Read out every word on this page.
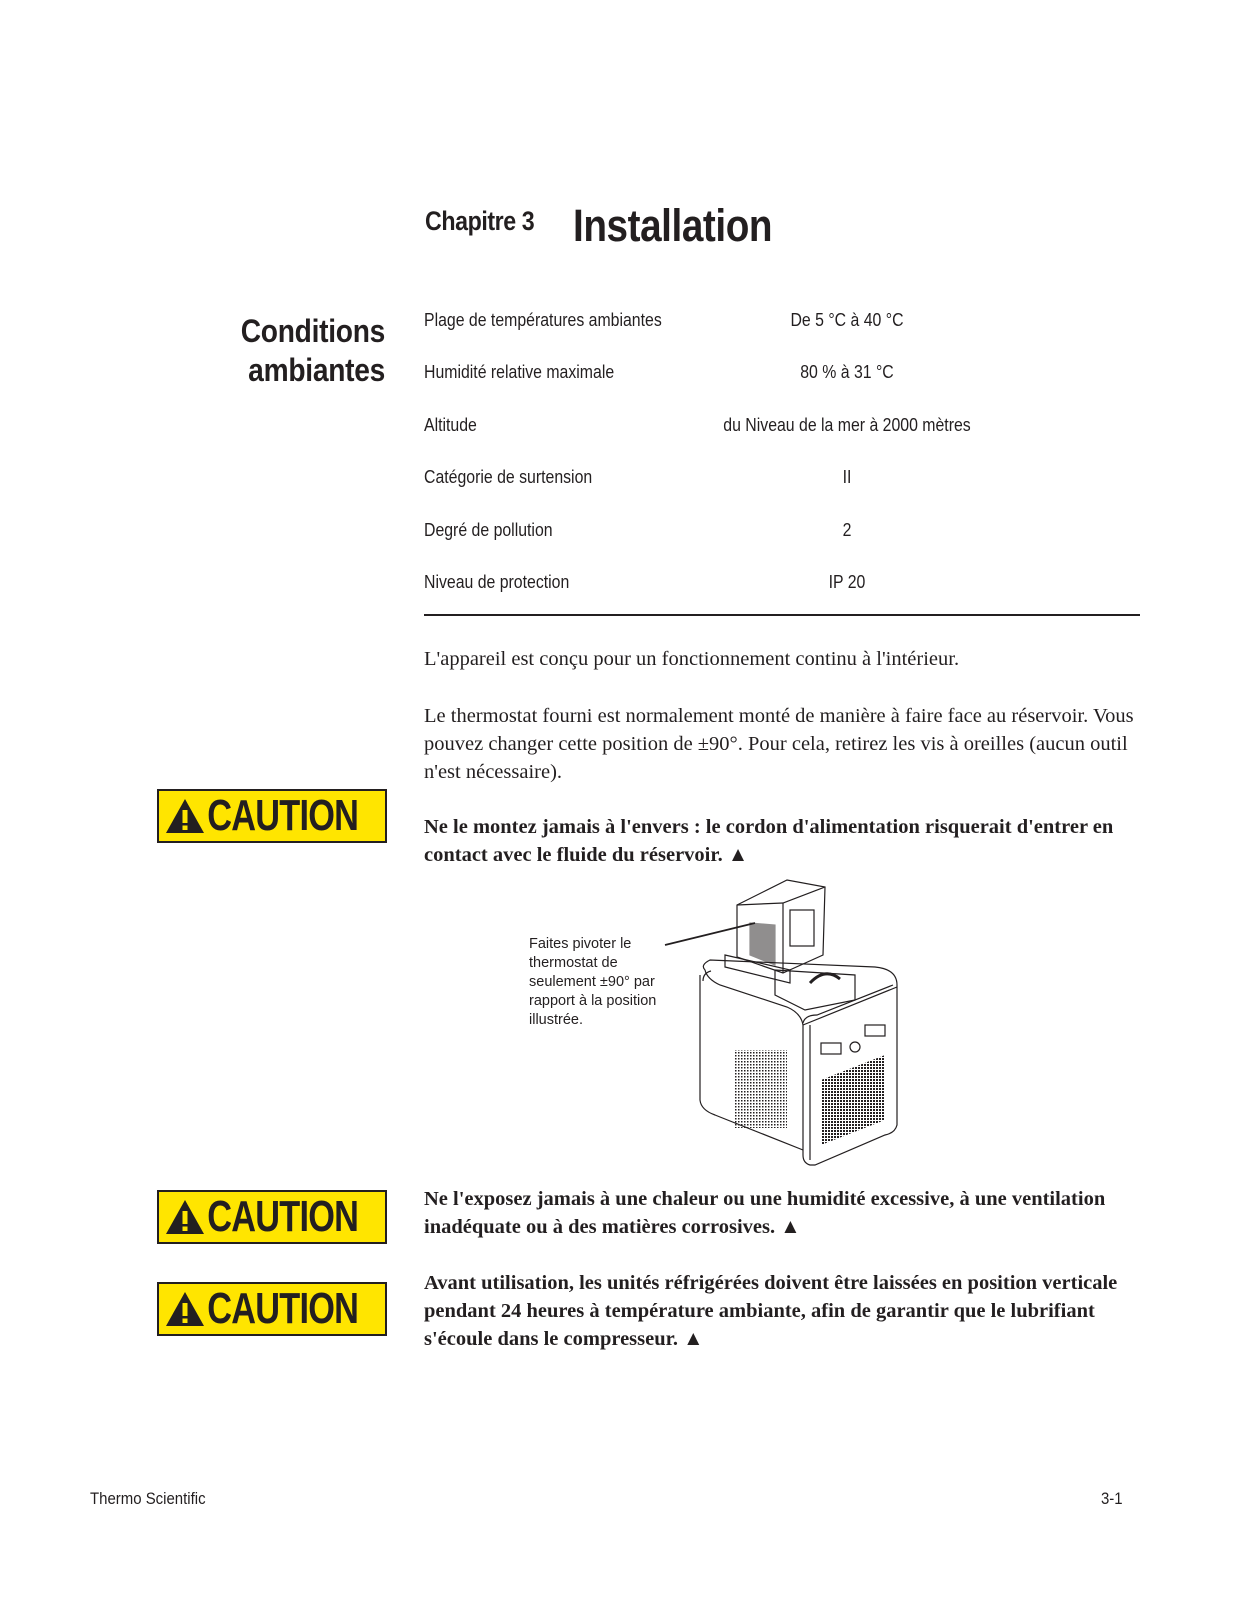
Chapitre 3 Installation
Conditions
ambiantes
Plage de températures ambiantes	De 5 °C à 40 °C
Humidité relative maximale	80 % à 31 °C
Altitude	du Niveau de la mer à 2000 mètres
Catégorie de surtension	II
Degré de pollution	2
Niveau de protection	IP 20

L'appareil est conçu pour un fonctionnement continu à l'intérieur.

Le thermostat fourni est normalement monté de manière à faire face au réservoir. Vous pouvez changer cette position de ±90°. Pour cela, retirez les vis à oreilles (aucun outil n'est nécessaire).

CAUTION	Ne le montez jamais à l'envers : le cordon d'alimentation risquerait d'entrer en contact avec le fluide du réservoir. ▲

Faites pivoter le thermostat de seulement ±90° par rapport à la position illustrée.
CAUTION	Ne l'exposez jamais à une chaleur ou une humidité excessive, à une ventilation inadéquate ou à des matières corrosives. ▲

CAUTION

Avant utilisation, les unités réfrigérées doivent être laissées en position verticale pendant 24 heures à température ambiante, afin de garantir que le lubrifiant s'écoule dans le compresseur. ▲

Thermo Scientific	3-1
